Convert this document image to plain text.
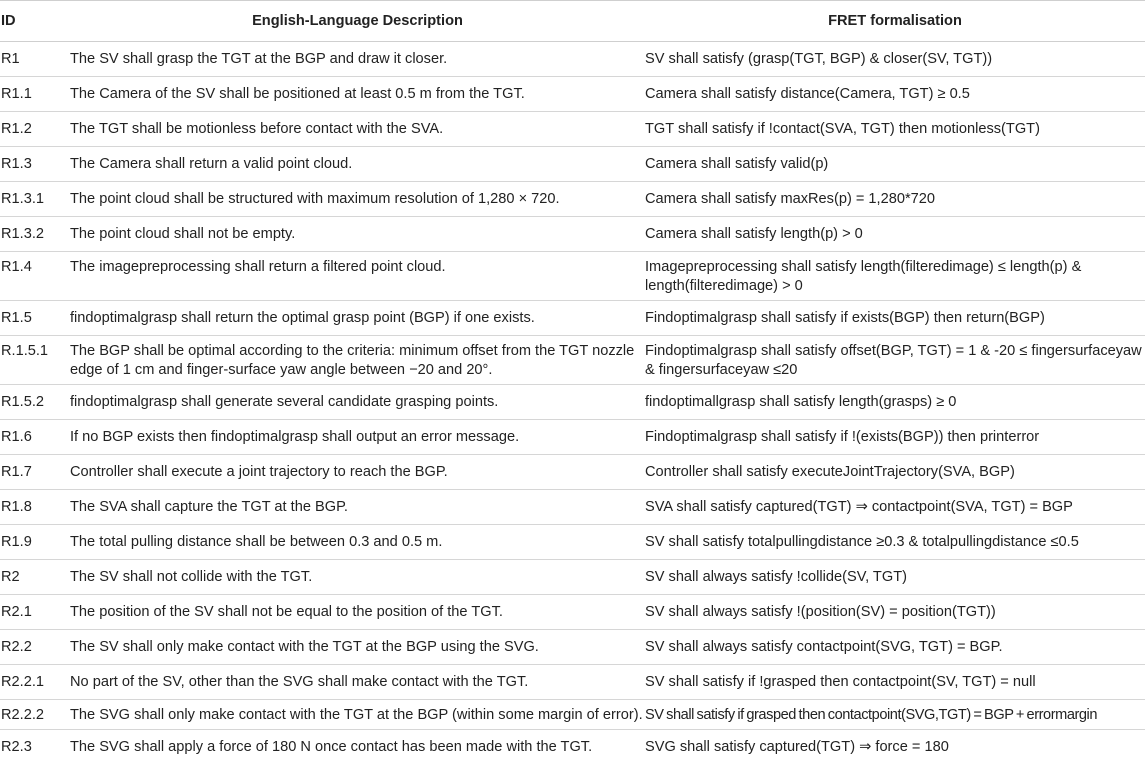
ID	English-Language Description	FRET formalisation
R1	The SV shall grasp the TGT at the BGP and draw it closer.	SV shall satisfy (grasp(TGT, BGP) & closer(SV, TGT))
R1.1	The Camera of the SV shall be positioned at least 0.5 m from the TGT.	Camera shall satisfy distance(Camera, TGT) ≥ 0.5
R1.2	The TGT shall be motionless before contact with the SVA.	TGT shall satisfy if !contact(SVA, TGT) then motionless(TGT)
R1.3	The Camera shall return a valid point cloud.	Camera shall satisfy valid(p)
R1.3.1	The point cloud shall be structured with maximum resolution of 1,280 × 720.	Camera shall satisfy maxRes(p) = 1,280*720
R1.3.2	The point cloud shall not be empty.	Camera shall satisfy length(p) > 0
R1.4	The imagepreprocessing shall return a filtered point cloud.	Imagepreprocessing shall satisfy length(filteredimage) ≤ length(p) & length(filteredimage) > 0
R1.5	findoptimalgrasp shall return the optimal grasp point (BGP) if one exists.	Findoptimalgrasp shall satisfy if exists(BGP) then return(BGP)
R.1.5.1	The BGP shall be optimal according to the criteria: minimum offset from the TGT nozzle edge of 1 cm and finger-surface yaw angle between −20 and 20°.	Findoptimalgrasp shall satisfy offset(BGP, TGT) = 1 & -20 ≤ fingersurfaceyaw & fingersurfaceyaw ≤20
R1.5.2	findoptimalgrasp shall generate several candidate grasping points.	findoptimallgrasp shall satisfy length(grasps) ≥ 0
R1.6	If no BGP exists then findoptimalgrasp shall output an error message.	Findoptimalgrasp shall satisfy if !(exists(BGP)) then printerror
R1.7	Controller shall execute a joint trajectory to reach the BGP.	Controller shall satisfy executeJointTrajectory(SVA, BGP)
R1.8	The SVA shall capture the TGT at the BGP.	SVA shall satisfy captured(TGT) ⇒ contactpoint(SVA, TGT) = BGP
R1.9	The total pulling distance shall be between 0.3 and 0.5 m.	SV shall satisfy totalpullingdistance ≥0.3 & totalpullingdistance ≤0.5
R2	The SV shall not collide with the TGT.	SV shall always satisfy !collide(SV, TGT)
R2.1	The position of the SV shall not be equal to the position of the TGT.	SV shall always satisfy !(position(SV) = position(TGT))
R2.2	The SV shall only make contact with the TGT at the BGP using the SVG.	SV shall always satisfy contactpoint(SVG, TGT) = BGP.
R2.2.1	No part of the SV, other than the SVG shall make contact with the TGT.	SV shall satisfy if !grasped then contactpoint(SV, TGT) = null
R2.2.2	The SVG shall only make contact with the TGT at the BGP (within some margin of error).	SV shall satisfy if grasped then contactpoint(SVG,TGT) = BGP + errormargin
R2.3	The SVG shall apply a force of 180 N once contact has been made with the TGT.	SVG shall satisfy captured(TGT) ⇒ force = 180
